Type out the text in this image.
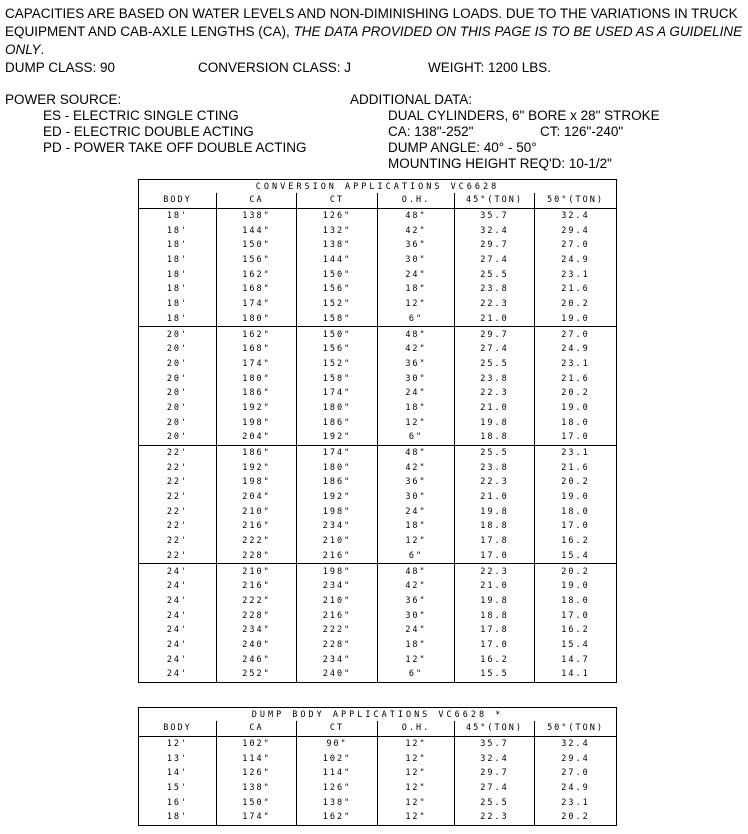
CAPACITIES ARE BASED ON WATER LEVELS AND NON-DIMINISHING LOADS. DUE TO THE VARIATIONS IN TRUCK EQUIPMENT AND CAB-AXLE LENGTHS (CA), THE DATA PROVIDED ON THIS PAGE IS TO BE USED AS A GUIDELINE ONLY.
DUMP CLASS: 90	CONVERSION CLASS: J	WEIGHT: 1200 LBS.
POWER SOURCE:
ES - ELECTRIC SINGLE CTING
ED - ELECTRIC DOUBLE ACTING
PD - POWER TAKE OFF DOUBLE ACTING
ADDITIONAL DATA:
DUAL CYLINDERS, 6" BORE x 28" STROKE
CA: 138"-252"	CT: 126"-240"
DUMP ANGLE: 40° - 50°
MOUNTING HEIGHT REQ'D: 10-1/2"
CONVERSION APPLICATIONS VC6628					
BODY	CA	CT	O.H.	45°(TON)	50°(TON)
18'	138"	126"	48"	35.7	32.4
18'	144"	132"	42"	32.4	29.4
18'	150"	138"	36"	29.7	27.0
18'	156"	144"	30"	27.4	24.9
18'	162"	150"	24"	25.5	23.1
18'	168"	156"	18"	23.8	21.6
18'	174"	152"	12"	22.3	20.2
18'	180"	158"	6"	21.0	19.0
20'	162"	150"	48"	29.7	27.0
20'	168"	156"	42"	27.4	24.9
20'	174"	152"	36"	25.5	23.1
20'	180"	158"	30"	23.8	21.6
20'	186"	174"	24"	22.3	20.2
20'	192"	180"	18"	21.0	19.0
20'	198"	186"	12"	19.8	18.0
20'	204"	192"	6"	18.8	17.0
22'	186"	174"	48"	25.5	23.1
22'	192"	180"	42"	23.8	21.6
22'	198"	186"	36"	22.3	20.2
22'	204"	192"	30"	21.0	19.0
22'	210"	198"	24"	19.8	18.0
22'	216"	234"	18"	18.8	17.0
22'	222"	210"	12"	17.8	16.2
22'	228"	216"	6"	17.0	15.4
24'	210"	198"	48"	22.3	20.2
24'	216"	234"	42"	21.0	19.0
24'	222"	210"	36"	19.8	18.0
24'	228"	216"	30"	18.8	17.0
24'	234"	222"	24"	17.8	16.2
24'	240"	228"	18"	17.0	15.4
24'	246"	234"	12"	16.2	14.7
24'	252"	240"	6"	15.5	14.1
DUMP BODY APPLICATIONS VC6628 *					
BODY	CA	CT	O.H.	45°(TON)	50°(TON)
12'	102"	90"	12"	35.7	32.4
13'	114"	102"	12"	32.4	29.4
14'	126"	114"	12"	29.7	27.0
15'	138"	126"	12"	27.4	24.9
16'	150"	138"	12"	25.5	23.1
18'	174"	162"	12"	22.3	20.2
